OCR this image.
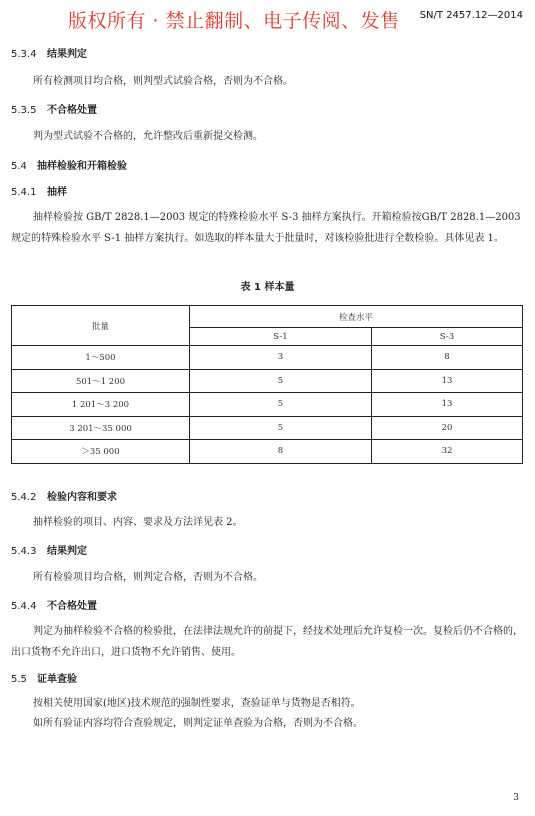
版权所有 · 禁止翻制、电子传阅、发售 SN/T 2457.12—2014
5.3.4 结果判定
所有检测项目均合格，则判型式试验合格，否则为不合格。
5.3.5 不合格处置
判为型式试验不合格的，允许整改后重新提交检测。
5.4 抽样检验和开箱检验
5.4.1 抽样
抽样检验按 GB/T 2828.1—2003 规定的特殊检验水平 S-3 抽样方案执行。开箱检验按GB/T 2828.1—2003 规定的特殊检验水平 S-1 抽样方案执行。如选取的样本量大于批量时，对该检验批进行全数检验。具体见表 1。
表 1 样本量
批量	检查水平	
	S-1	S-3
1～500	3	8
501～1 200	5	13
1 201～3 200	5	13
3 201～35 000	5	20
＞35 000	8	32
5.4.2 检验内容和要求
抽样检验的项目、内容、要求及方法详见表 2。
5.4.3 结果判定
所有检验项目均合格，则判定合格，否则为不合格。
5.4.4 不合格处置
判定为抽样检验不合格的检验批，在法律法规允许的前提下，经技术处理后允许复检一次。复检后仍不合格的，出口货物不允许出口，进口货物不允许销售、使用。
5.5 证单查验
按相关使用国家(地区)技术规范的强制性要求，查验证单与货物是否相符。
如所有验证内容均符合查验规定，则判定证单查验为合格，否则为不合格。
3
